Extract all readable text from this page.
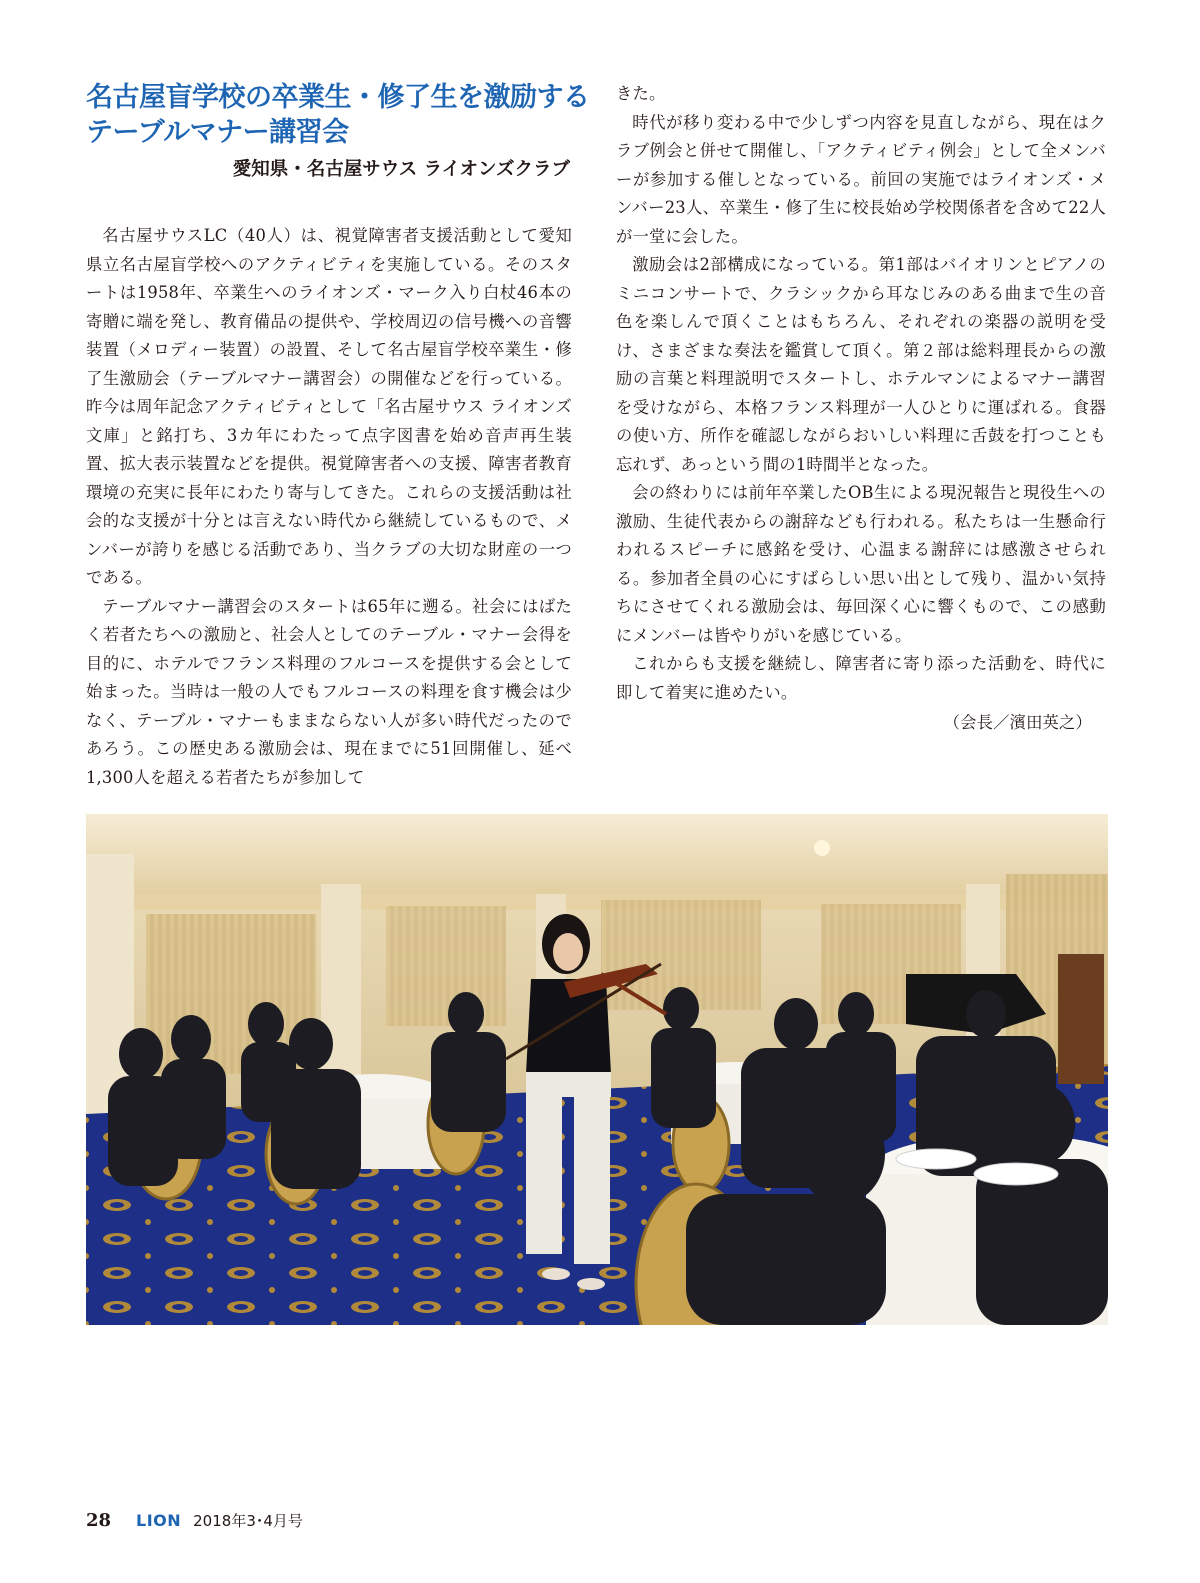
名古屋盲学校の卒業生・修了生を激励する
テーブルマナー講習会
愛知県・名古屋サウス ライオンズクラブ

名古屋サウスLC（40人）は、視覚障害者支援活動として愛知県立名古屋盲学校へのアクティビティを実施している。そのスタートは1958年、卒業生へのライオンズ・マーク入り白杖46本の寄贈に端を発し、教育備品の提供や、学校周辺の信号機への音響装置（メロディー装置）の設置、そして名古屋盲学校卒業生・修了生激励会（テーブルマナー講習会）の開催などを行っている。昨今は周年記念アクティビティとして「名古屋サウス ライオンズ文庫」と銘打ち、3カ年にわたって点字図書を始め音声再生装置、拡大表示装置などを提供。視覚障害者への支援、障害者教育環境の充実に長年にわたり寄与してきた。これらの支援活動は社会的な支援が十分とは言えない時代から継続しているもので、メンバーが誇りを感じる活動であり、当クラブの大切な財産の一つである。

テーブルマナー講習会のスタートは65年に遡る。社会にはばたく若者たちへの激励と、社会人としてのテーブル・マナー会得を目的に、ホテルでフランス料理のフルコースを提供する会として始まった。当時は一般の人でもフルコースの料理を食す機会は少なく、テーブル・マナーもままならない人が多い時代だったのであろう。この歴史ある激励会は、現在までに51回開催し、延べ1,300人を超える若者たちが参加して

きた。

時代が移り変わる中で少しずつ内容を見直しながら、現在はクラブ例会と併せて開催し、「アクティビティ例会」として全メンバーが参加する催しとなっている。前回の実施ではライオンズ・メンバー23人、卒業生・修了生に校長始め学校関係者を含めて22人が一堂に会した。

激励会は2部構成になっている。第1部はバイオリンとピアノのミニコンサートで、クラシックから耳なじみのある曲まで生の音色を楽しんで頂くことはもちろん、それぞれの楽器の説明を受け、さまざまな奏法を鑑賞して頂く。第２部は総料理長からの激励の言葉と料理説明でスタートし、ホテルマンによるマナー講習を受けながら、本格フランス料理が一人ひとりに運ばれる。食器の使い方、所作を確認しながらおいしい料理に舌鼓を打つことも忘れず、あっという間の1時間半となった。

会の終わりには前年卒業したOB生による現況報告と現役生への激励、生徒代表からの謝辞なども行われる。私たちは一生懸命行われるスピーチに感銘を受け、心温まる謝辞には感激させられる。参加者全員の心にすばらしい思い出として残り、温かい気持ちにさせてくれる激励会は、毎回深く心に響くもので、この感動にメンバーは皆やりがいを感じている。

これからも支援を継続し、障害者に寄り添った活動を、時代に即して着実に進めたい。

（会長／濱田英之）

28	LION 2018年3･4月号
